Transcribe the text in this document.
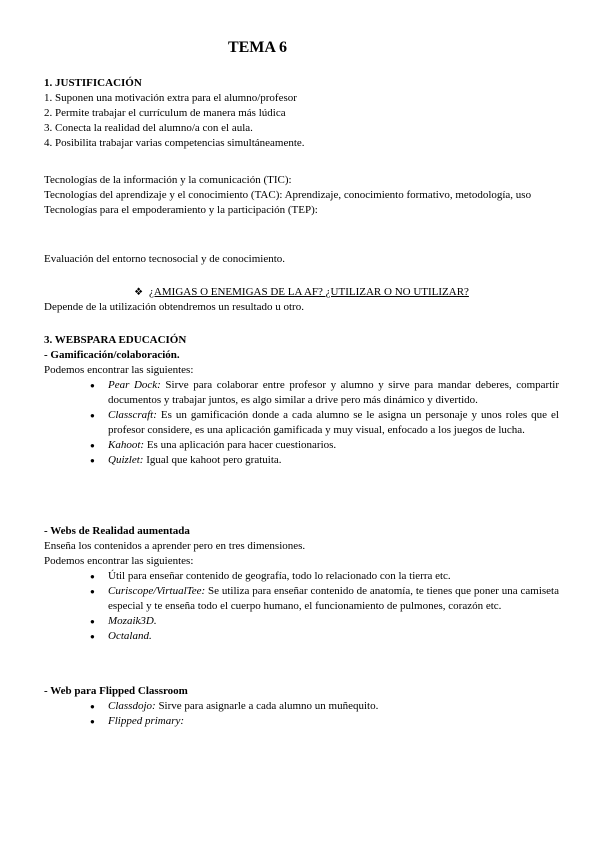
TEMA 6
1. JUSTIFICACIÓN
1. Suponen una motivación extra para el alumno/profesor
2. Permite trabajar el currículum de manera más lúdica
3. Conecta la realidad del alumno/a con el aula.
4. Posibilita trabajar varias competencias simultáneamente.
Tecnologías de la información y la comunicación (TIC):
Tecnologías del aprendizaje y el conocimiento (TAC): Aprendizaje, conocimiento formativo, metodología, uso
Tecnologías para el empoderamiento y la participación (TEP):
Evaluación del entorno tecnosocial y de conocimiento.
❖ ¿AMIGAS O ENEMIGAS DE LA AF? ¿UTILIZAR O NO UTILIZAR?
Depende de la utilización obtendremos un resultado u otro.
3. WEBSPARA EDUCACIÓN
- Gamificación/colaboración.
Podemos encontrar las siguientes:
● Pear Dock: Sirve para colaborar entre profesor y alumno y sirve para mandar deberes, compartir documentos y trabajar juntos, es algo similar a drive pero más dinámico y divertido.
● Classcraft: Es un gamificación donde a cada alumno se le asigna un personaje y unos roles que el profesor considere, es una aplicación gamificada y muy visual, enfocado a los juegos de lucha.
● Kahoot: Es una aplicación para hacer cuestionarios.
● Quizlet: Igual que kahoot pero gratuita.
- Webs de Realidad aumentada
Enseña los contenidos a aprender pero en tres dimensiones.
Podemos encontrar las siguientes:
● Útil para enseñar contenido de geografía, todo lo relacionado con la tierra etc.
● Curiscope/VirtualTee: Se utiliza para enseñar contenido de anatomía, te tienes que poner una camiseta especial y te enseña todo el cuerpo humano, el funcionamiento de pulmones, corazón etc.
● Mozaik3D.
● Octaland.
- Web para Flipped Classroom
● Classdojo: Sirve para asignarle a cada alumno un muñequito.
● Flipped primary:
